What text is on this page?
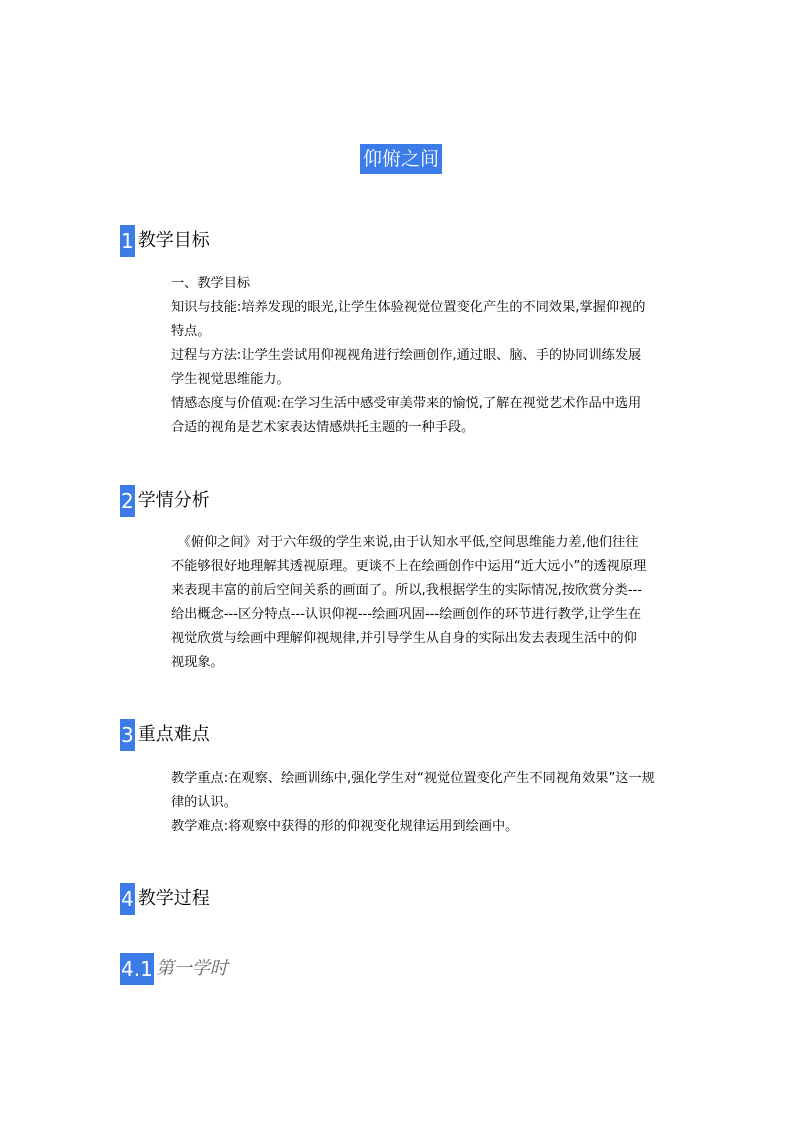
仰俯之间
1 教学目标
一、教学目标
知识与技能:培养发现的眼光,让学生体验视觉位置变化产生的不同效果,掌握仰视的
特点。
过程与方法:让学生尝试用仰视视角进行绘画创作,通过眼、脑、手的协同训练发展
学生视觉思维能力。
情感态度与价值观:在学习生活中感受审美带来的愉悦,了解在视觉艺术作品中选用
合适的视角是艺术家表达情感烘托主题的一种手段。
2 学情分析
　《俯仰之间》对于六年级的学生来说,由于认知水平低,空间思维能力差,他们往往
不能够很好地理解其透视原理。更谈不上在绘画创作中运用“近大远小”的透视原理
来表现丰富的前后空间关系的画面了。所以,我根据学生的实际情况,按欣赏分类---
给出概念---区分特点---认识仰视---绘画巩固---绘画创作的环节进行教学,让学生在
视觉欣赏与绘画中理解仰视规律,并引导学生从自身的实际出发去表现生活中的仰
视现象。
3 重点难点
教学重点:在观察、绘画训练中,强化学生对“视觉位置变化产生不同视角效果”这一规
律的认识。
教学难点:将观察中获得的形的仰视变化规律运用到绘画中。
4 教学过程
4.1 第一学时
